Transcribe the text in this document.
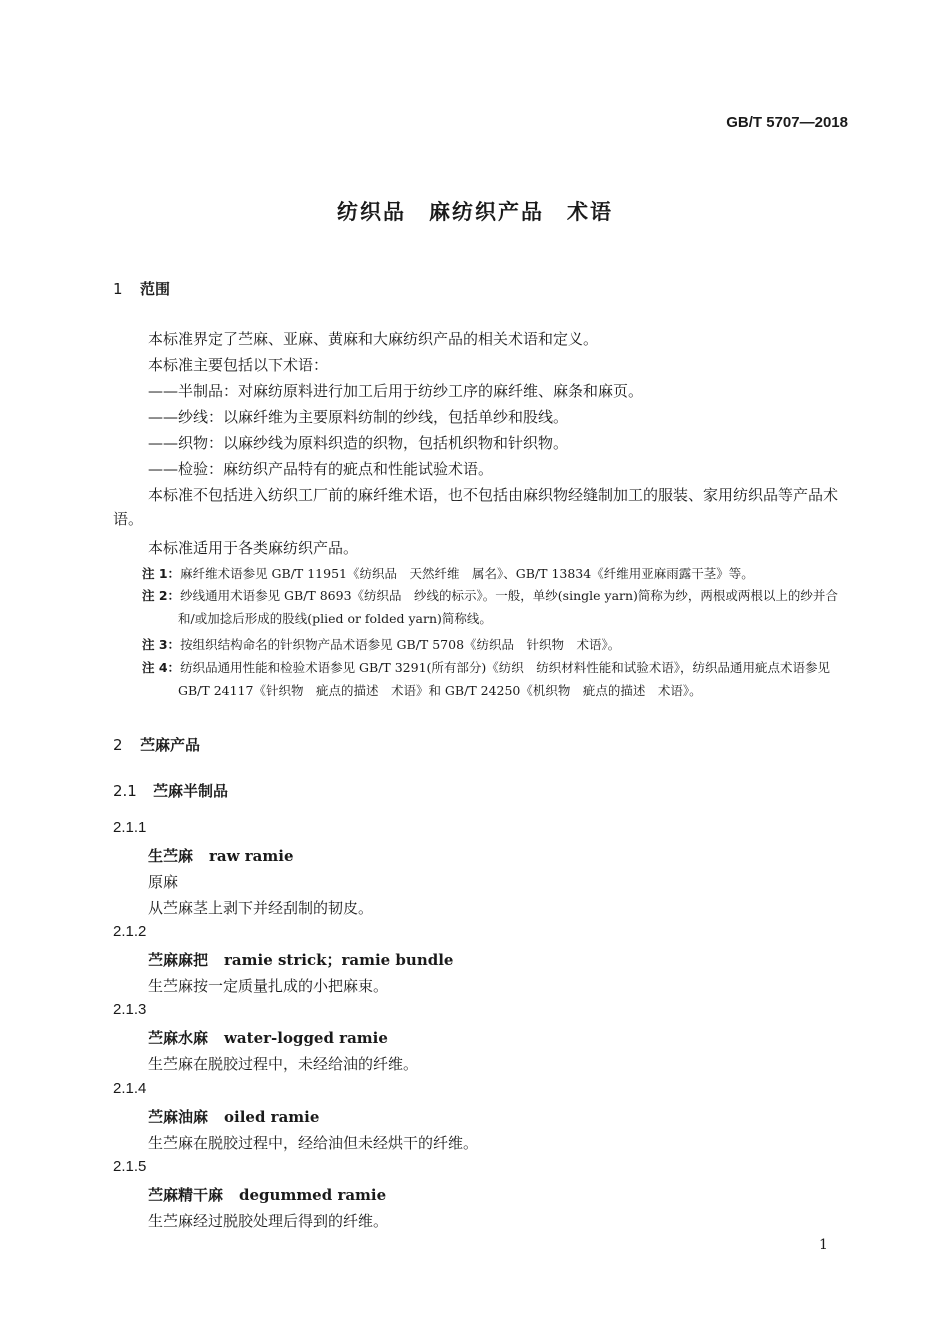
GB/T 5707—2018
纺织品　麻纺织产品　术语
1 范围
本标准界定了苎麻、亚麻、黄麻和大麻纺织产品的相关术语和定义。
本标准主要包括以下术语：
——半制品：对麻纺原料进行加工后用于纺纱工序的麻纤维、麻条和麻页。
——纱线：以麻纤维为主要原料纺制的纱线，包括单纱和股线。
——织物：以麻纱线为原料织造的织物，包括机织物和针织物。
——检验：麻纺织产品特有的疵点和性能试验术语。
本标准不包括进入纺织工厂前的麻纤维术语，也不包括由麻织物经缝制加工的服装、家用纺织品等产品术语。
本标准适用于各类麻纺织产品。
注 1：麻纤维术语参见 GB/T 11951《纺织品　天然纤维　属名》、GB/T 13834《纤维用亚麻雨露干茎》等。
注 2：纱线通用术语参见 GB/T 8693《纺织品　纱线的标示》。一般，单纱(single yarn)简称为纱，两根或两根以上的纱并合和/或加捻后形成的股线(plied or folded yarn)简称线。
注 3：按组织结构命名的针织物产品术语参见 GB/T 5708《纺织品　针织物　术语》。
注 4：纺织品通用性能和检验术语参见 GB/T 3291(所有部分)《纺织　纺织材料性能和试验术语》，纺织品通用疵点术语参见 GB/T 24117《针织物　疵点的描述　术语》和 GB/T 24250《机织物　疵点的描述　术语》。
2 苎麻产品
2.1 苎麻半制品
2.1.1
生苎麻 raw ramie
原麻
从苎麻茎上剥下并经刮制的韧皮。
2.1.2
苎麻麻把 ramie strick；ramie bundle
生苎麻按一定质量扎成的小把麻束。
2.1.3
苎麻水麻 water-logged ramie
生苎麻在脱胶过程中，未经给油的纤维。
2.1.4
苎麻油麻 oiled ramie
生苎麻在脱胶过程中，经给油但未经烘干的纤维。
2.1.5
苎麻精干麻 degummed ramie
生苎麻经过脱胶处理后得到的纤维。
1
